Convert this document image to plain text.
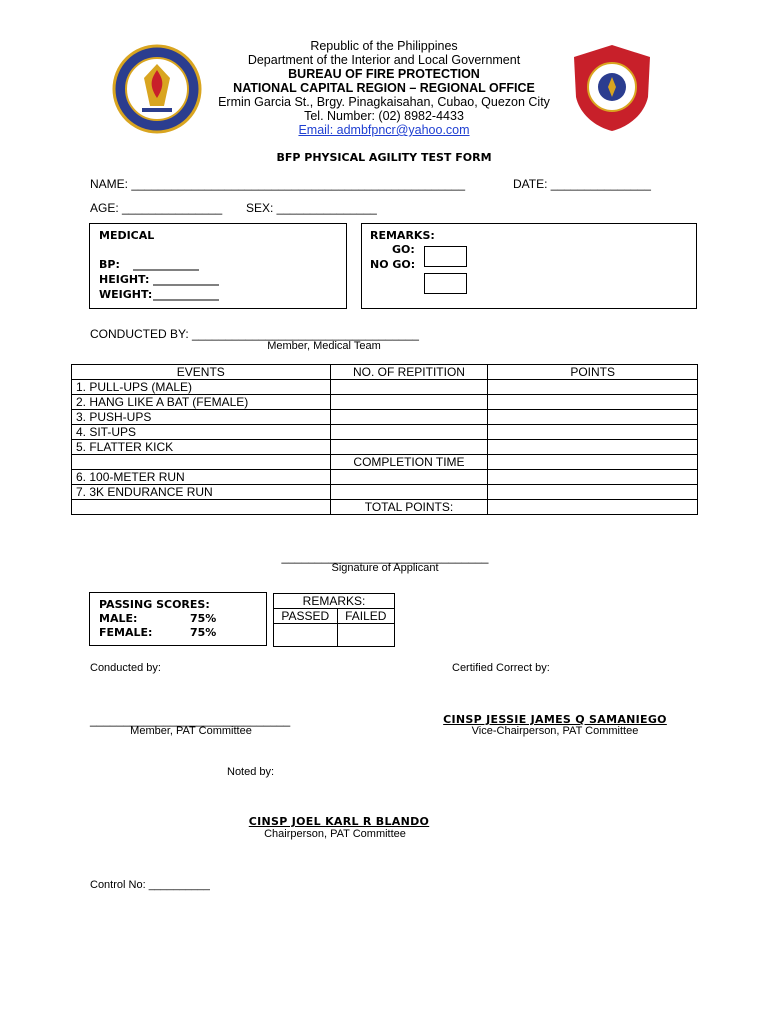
Republic of the Philippines
Department of the Interior and Local Government
BUREAU OF FIRE PROTECTION
NATIONAL CAPITAL REGION – REGIONAL OFFICE
Ermin Garcia St., Brgy. Pinagkaisahan, Cubao, Quezon City
Tel. Number: (02) 8982-4433
Email: admbfpncr@yahoo.com
BFP PHYSICAL AGILITY TEST FORM
NAME: __________________________________________________	DATE: _______________
AGE: _______________ SEX: _______________
MEDICAL
BP: ____________
HEIGHT: ____________
WEIGHT: ____________
REMARKS:
GO:
NO GO:
CONDUCTED BY: __________________________________
Member, Medical Team
EVENTS	NO. OF REPITITION	POINTS
1. PULL-UPS (MALE)		
2. HANG LIKE A BAT (FEMALE)		
3. PUSH-UPS		
4. SIT-UPS		
5. FLATTER KICK		
	COMPLETION TIME	
6. 100-METER RUN		
7. 3K ENDURANCE RUN		
	TOTAL POINTS:	
_______________________________
Signature of Applicant
PASSING SCORES:
MALE:	75%
FEMALE:	75%
REMARKS:	
PASSED	FAILED

Conducted by:	Certified Correct by:
______________________________
Member, PAT Committee
CINSP JESSIE JAMES Q SAMANIEGO
Vice-Chairperson, PAT Committee
Noted by:
CINSP JOEL KARL R BLANDO
Chairperson, PAT Committee
Control No: __________
